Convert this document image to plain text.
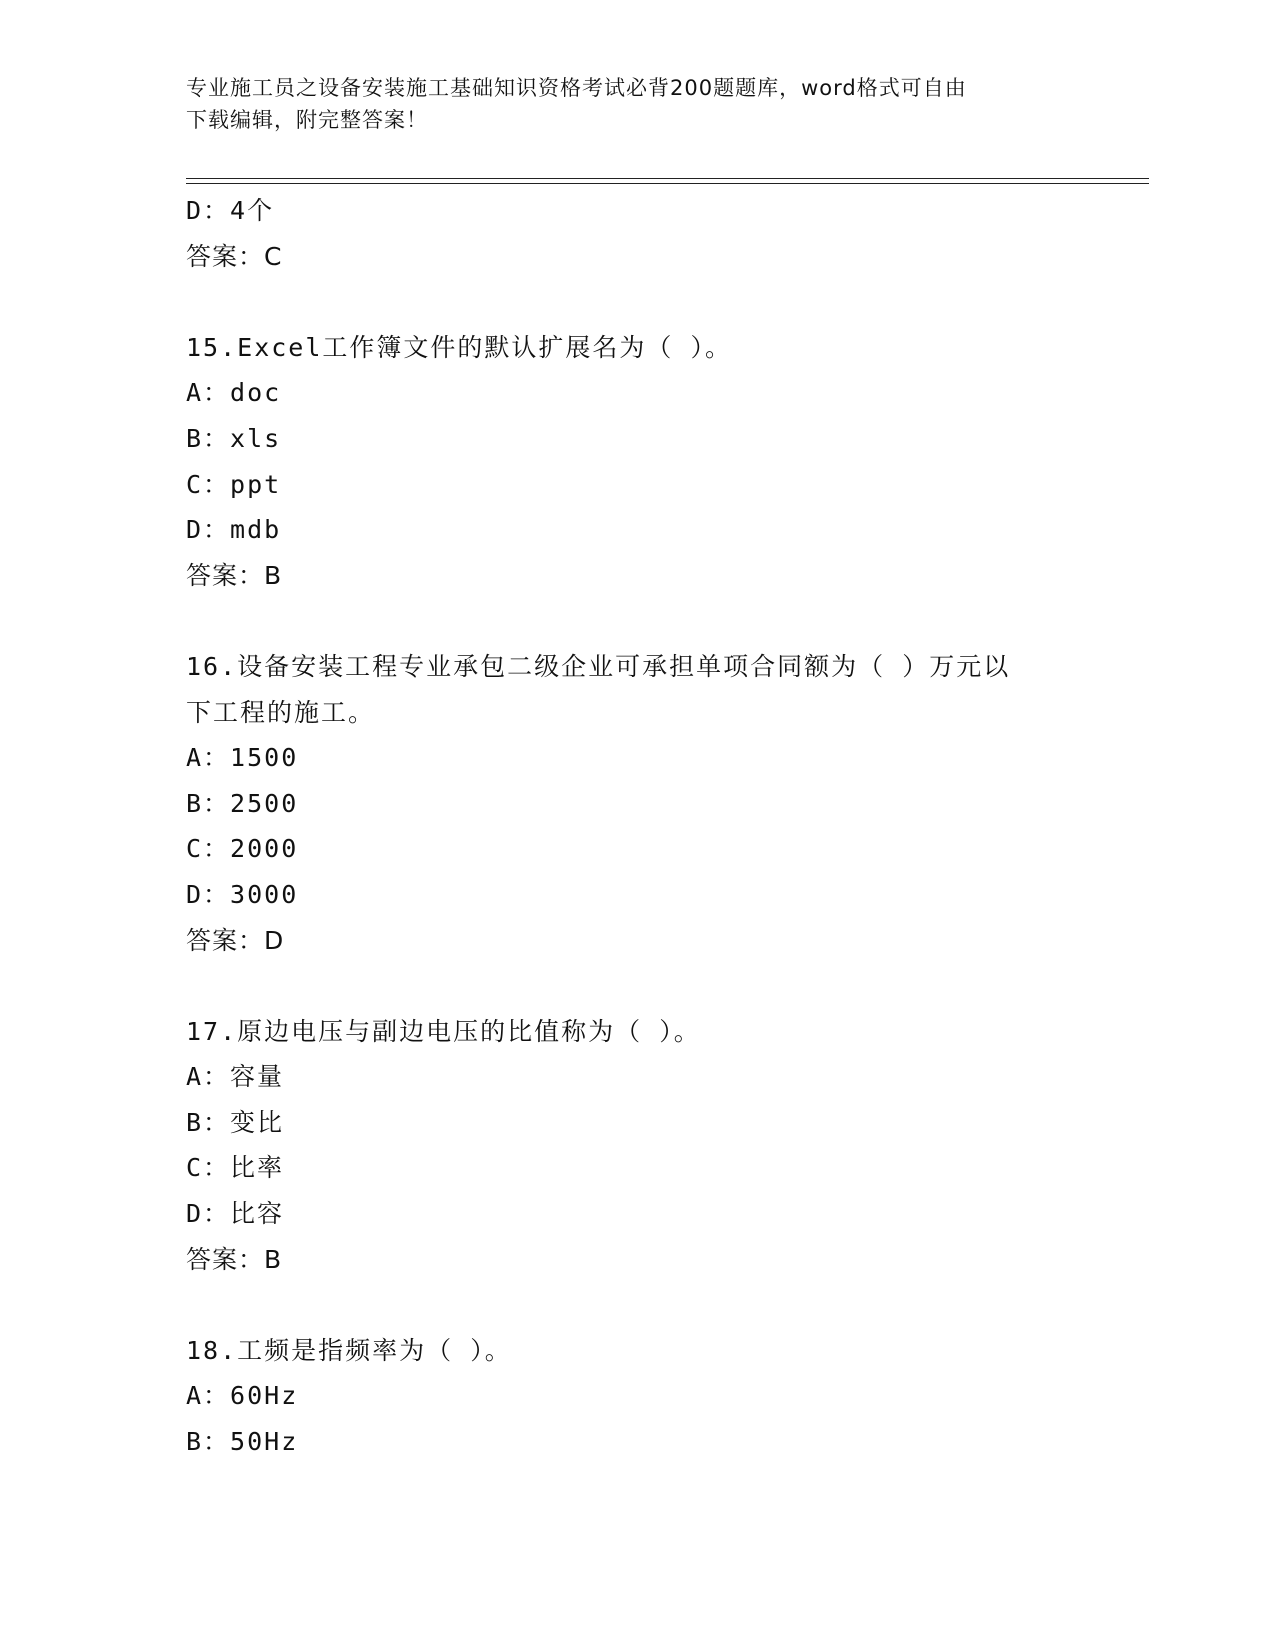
专业施工员之设备安装施工基础知识资格考试必背200题题库，word格式可自由
下载编辑，附完整答案！
D：4个
答案：C
15.Excel工作簿文件的默认扩展名为（ ）。
A：doc
B：xls
C：ppt
D：mdb
答案：B
16.设备安装工程专业承包二级企业可承担单项合同额为（ ）万元以
下工程的施工。
A：1500
B：2500
C：2000
D：3000
答案：D
17.原边电压与副边电压的比值称为（ ）。
A：容量
B：变比
C：比率
D：比容
答案：B
18.工频是指频率为（ ）。
A：60Hz
B：50Hz
